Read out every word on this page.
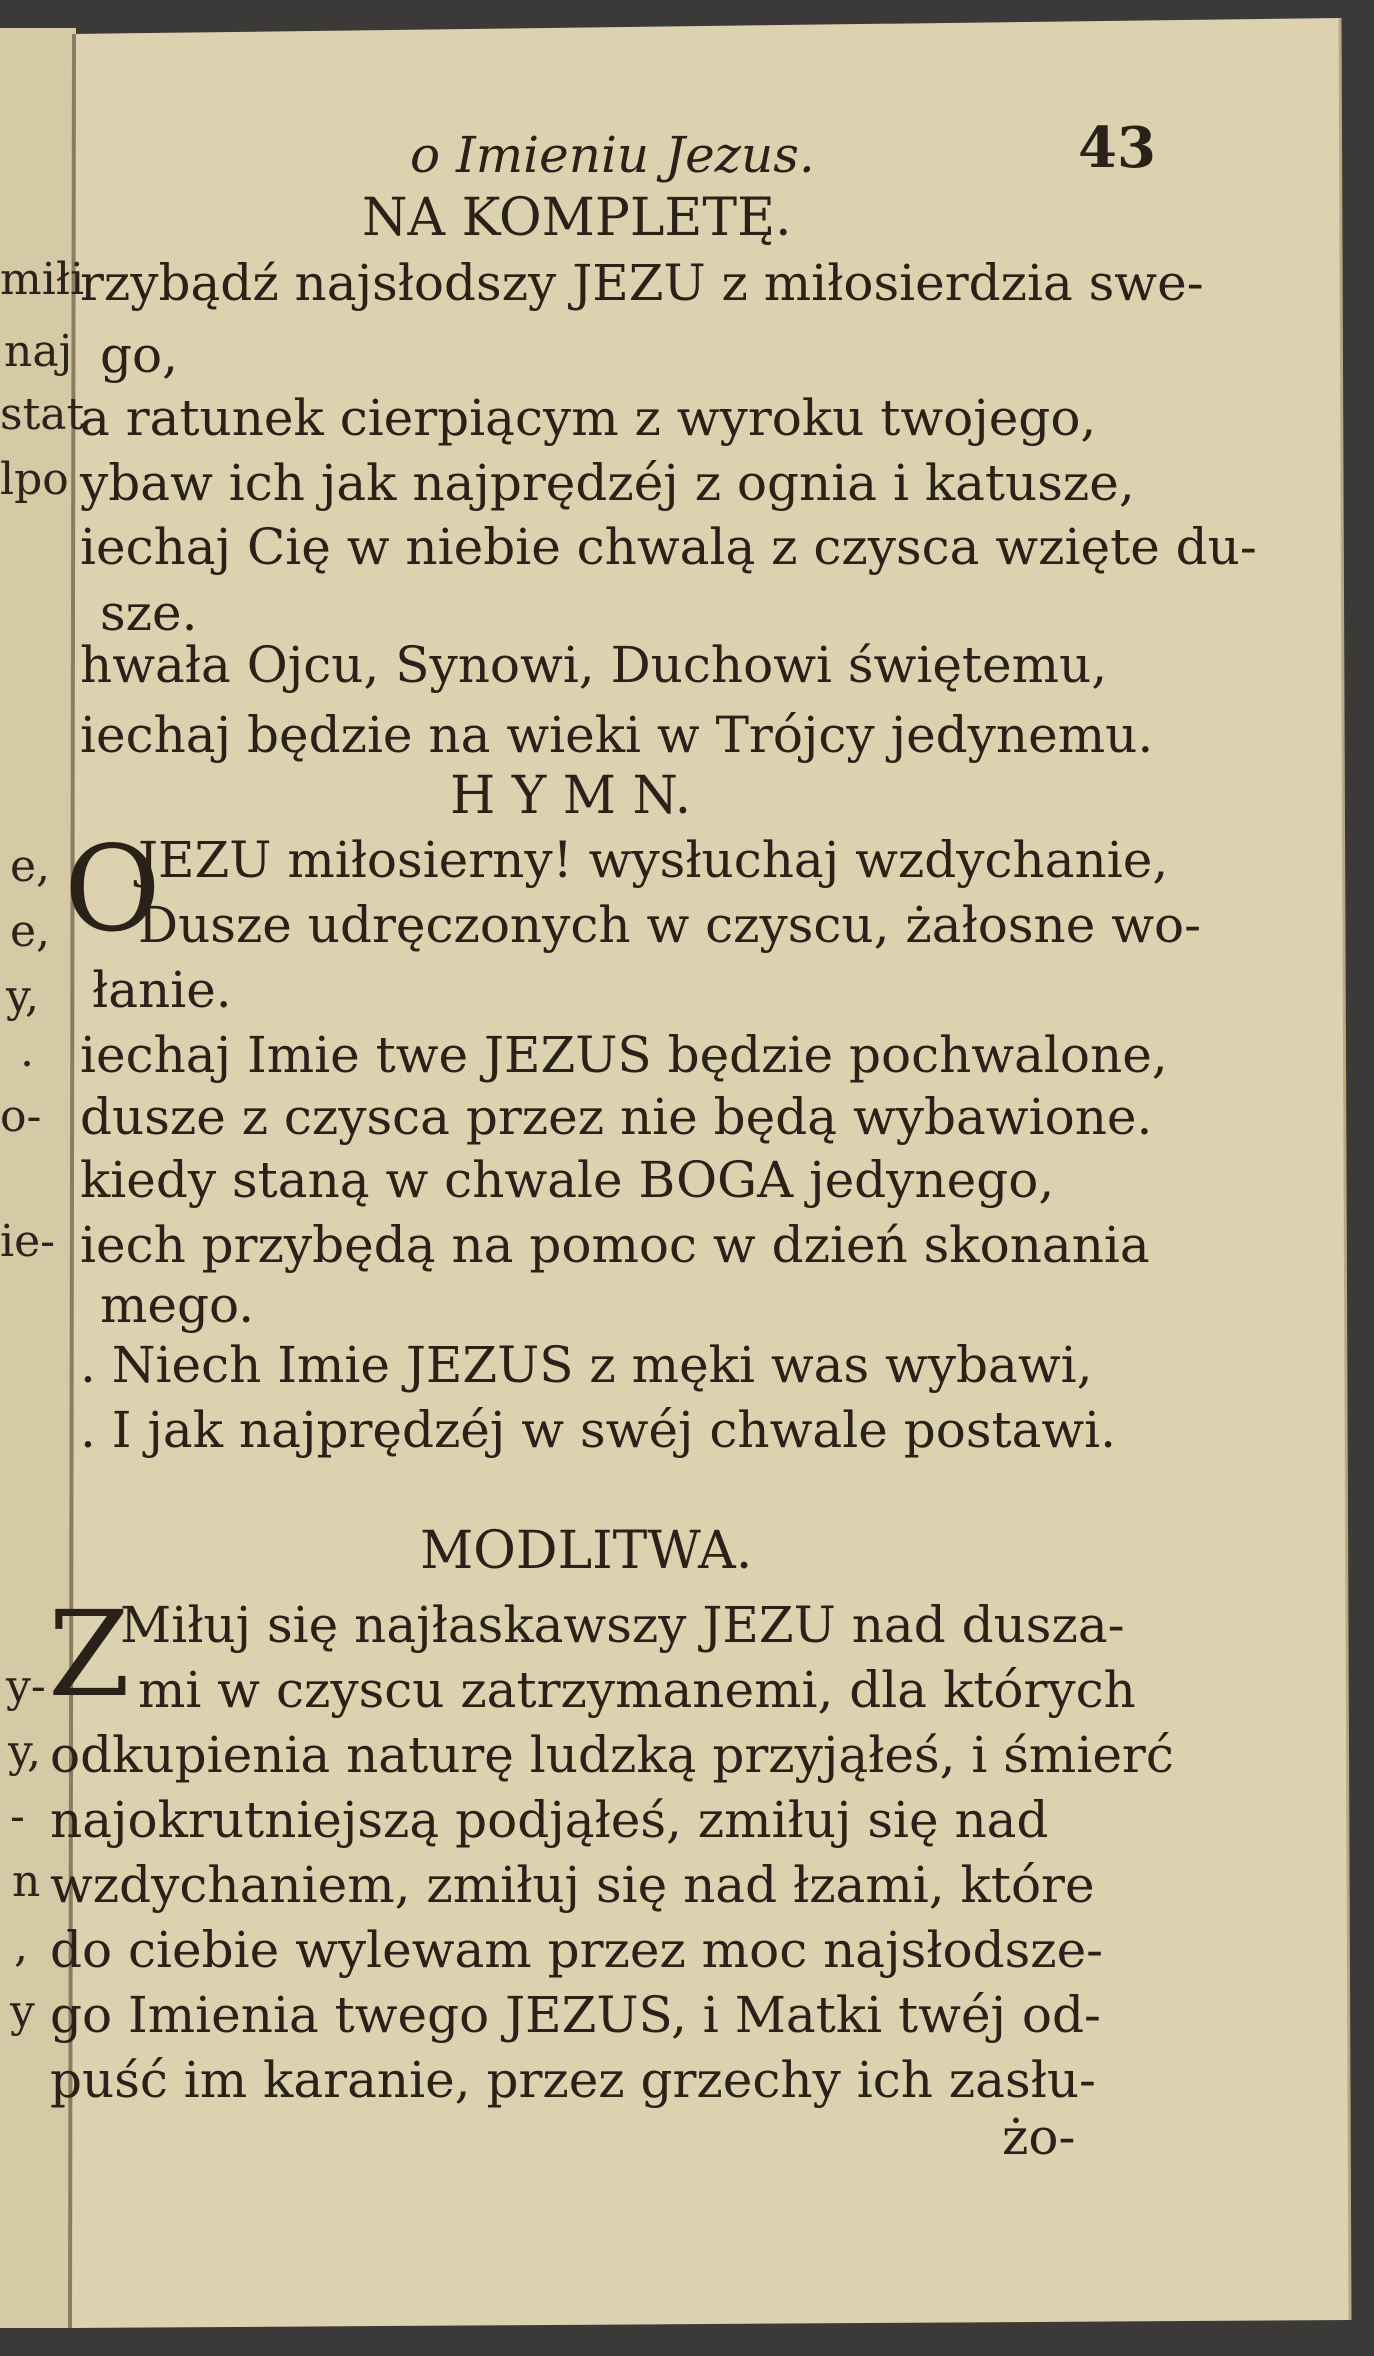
miłi
naj
stat
lpo
e,
e,
y,
.
o-
ie-
y-
y,
-
n
,
y
o Imieniu Jezus.	43
NA KOMPLETĘ.
rzybądź najsłodszy JEZU z miłosierdzia swe-
go,
a ratunek cierpiącym z wyroku twojego,
ybaw ich jak najprędzéj z ognia i katusze,
iechaj Cię w niebie chwalą z czysca wzięte du-
sze.
hwała Ojcu, Synowi, Duchowi świętemu,
iechaj będzie na wieki w Trójcy jedynemu.
H Y M N.
O
JEZU miłosierny! wysłuchaj wzdychanie,
Dusze udręczonych w czyscu, żałosne wo-
łanie.
iechaj Imie twe JEZUS będzie pochwalone,
dusze z czysca przez nie będą wybawione.
kiedy staną w chwale BOGA jedynego,
iech przybędą na pomoc w dzień skonania
mego.
. Niech Imie JEZUS z męki was wybawi,
. I jak najprędzéj w swéj chwale postawi.
MODLITWA.
Z
Miłuj się najłaskawszy JEZU nad dusza-
mi w czyscu zatrzymanemi, dla których
odkupienia naturę ludzką przyjąłeś, i śmierć
najokrutniejszą podjąłeś, zmiłuj się nad
wzdychaniem, zmiłuj się nad łzami, które
do ciebie wylewam przez moc najsłodsze-
go Imienia twego JEZUS, i Matki twéj od-
puść im karanie, przez grzechy ich zasłu-
żo-
